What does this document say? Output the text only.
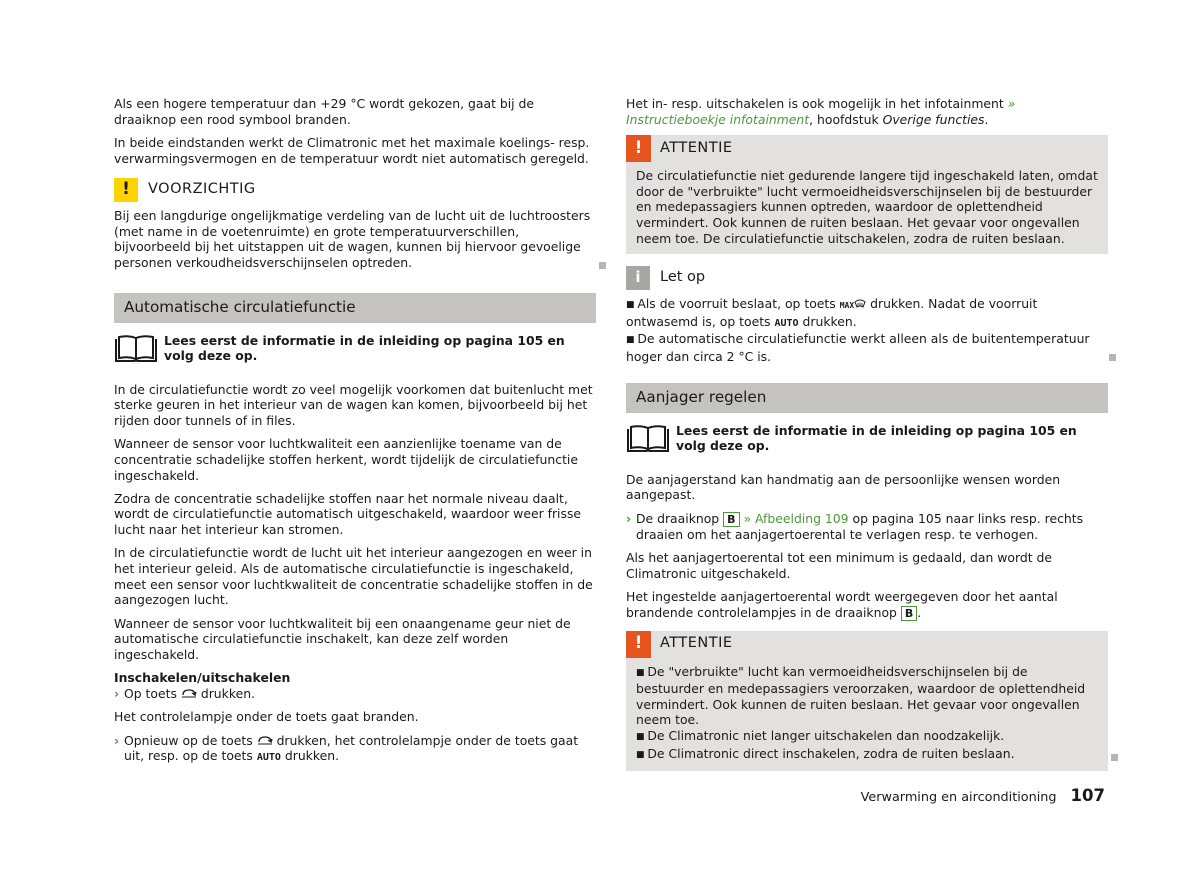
Als een hogere temperatuur dan +29 °C wordt gekozen, gaat bij de draaiknop een rood symbool branden.

In beide eindstanden werkt de Climatronic met het maximale koelings- resp. verwarmingsvermogen en de temperatuur wordt niet automatisch geregeld.

!	VOORZICHTIG

Bij een langdurige ongelijkmatige verdeling van de lucht uit de luchtroosters (met name in de voetenruimte) en grote temperatuurverschillen, bijvoorbeeld bij het uitstappen uit de wagen, kunnen bij hiervoor gevoelige personen verkoudheidsverschijnselen optreden.

Automatische circulatiefunctie
Lees eerst de informatie in de inleiding op pagina 105 en volg deze op.

In de circulatiefunctie wordt zo veel mogelijk voorkomen dat buitenlucht met sterke geuren in het interieur van de wagen kan komen, bijvoorbeeld bij het rijden door tunnels of in files.

Wanneer de sensor voor luchtkwaliteit een aanzienlijke toename van de concentratie schadelijke stoffen herkent, wordt tijdelijk de circulatiefunctie ingeschakeld.

Zodra de concentratie schadelijke stoffen naar het normale niveau daalt, wordt de circulatiefunctie automatisch uitgeschakeld, waardoor weer frisse lucht naar het interieur kan stromen.

In de circulatiefunctie wordt de lucht uit het interieur aangezogen en weer in het interieur geleid. Als de automatische circulatiefunctie is ingeschakeld, meet een sensor voor luchtkwaliteit de concentratie schadelijke stoffen in de aangezogen lucht.

Wanneer de sensor voor luchtkwaliteit bij een onaangename geur niet de automatische circulatiefunctie inschakelt, kan deze zelf worden ingeschakeld.

Inschakelen/uitschakelen
› Op toets drukken.

Het controlelampje onder de toets gaat branden.

› Opnieuw op de toets drukken, het controlelampje onder de toets gaat uit, resp. op de toets AUTO drukken.

Het in- resp. uitschakelen is ook mogelijk in het infotainment » Instructieboekje infotainment, hoofdstuk Overige functies.

!	ATTENTIE
De circulatiefunctie niet gedurende langere tijd ingeschakeld laten, omdat door de "verbruikte" lucht vermoeidheidsverschijnselen bij de bestuurder en medepassagiers kunnen optreden, waardoor de oplettendheid vermindert. Ook kunnen de ruiten beslaan. Het gevaar voor ongevallen neem toe. De circulatiefunctie uitschakelen, zodra de ruiten beslaan.
i	Let op
■ Als de voorruit beslaat, op toets MAX drukken. Nadat de voorruit ontwasemd is, op toets AUTO drukken.
■ De automatische circulatiefunctie werkt alleen als de buitentemperatuur hoger dan circa 2 °C is.
Aanjager regelen
Lees eerst de informatie in de inleiding op pagina 105 en volg deze op.

De aanjagerstand kan handmatig aan de persoonlijke wensen worden aangepast.

› De draaiknop B » Afbeelding 109 op pagina 105 naar links resp. rechts draaien om het aanjagertoerental te verlagen resp. te verhogen.

Als het aanjagertoerental tot een minimum is gedaald, dan wordt de Climatronic uitgeschakeld.

Het ingestelde aanjagertoerental wordt weergegeven door het aantal brandende controlelampjes in de draaiknop B .

!	ATTENTIE
■ De "verbruikte" lucht kan vermoeidheidsverschijnselen bij de bestuurder en medepassagiers veroorzaken, waardoor de oplettendheid vermindert. Ook kunnen de ruiten beslaan. Het gevaar voor ongevallen neem toe.
■ De Climatronic niet langer uitschakelen dan noodzakelijk.
■ De Climatronic direct inschakelen, zodra de ruiten beslaan.
Verwarming en airconditioning 107
